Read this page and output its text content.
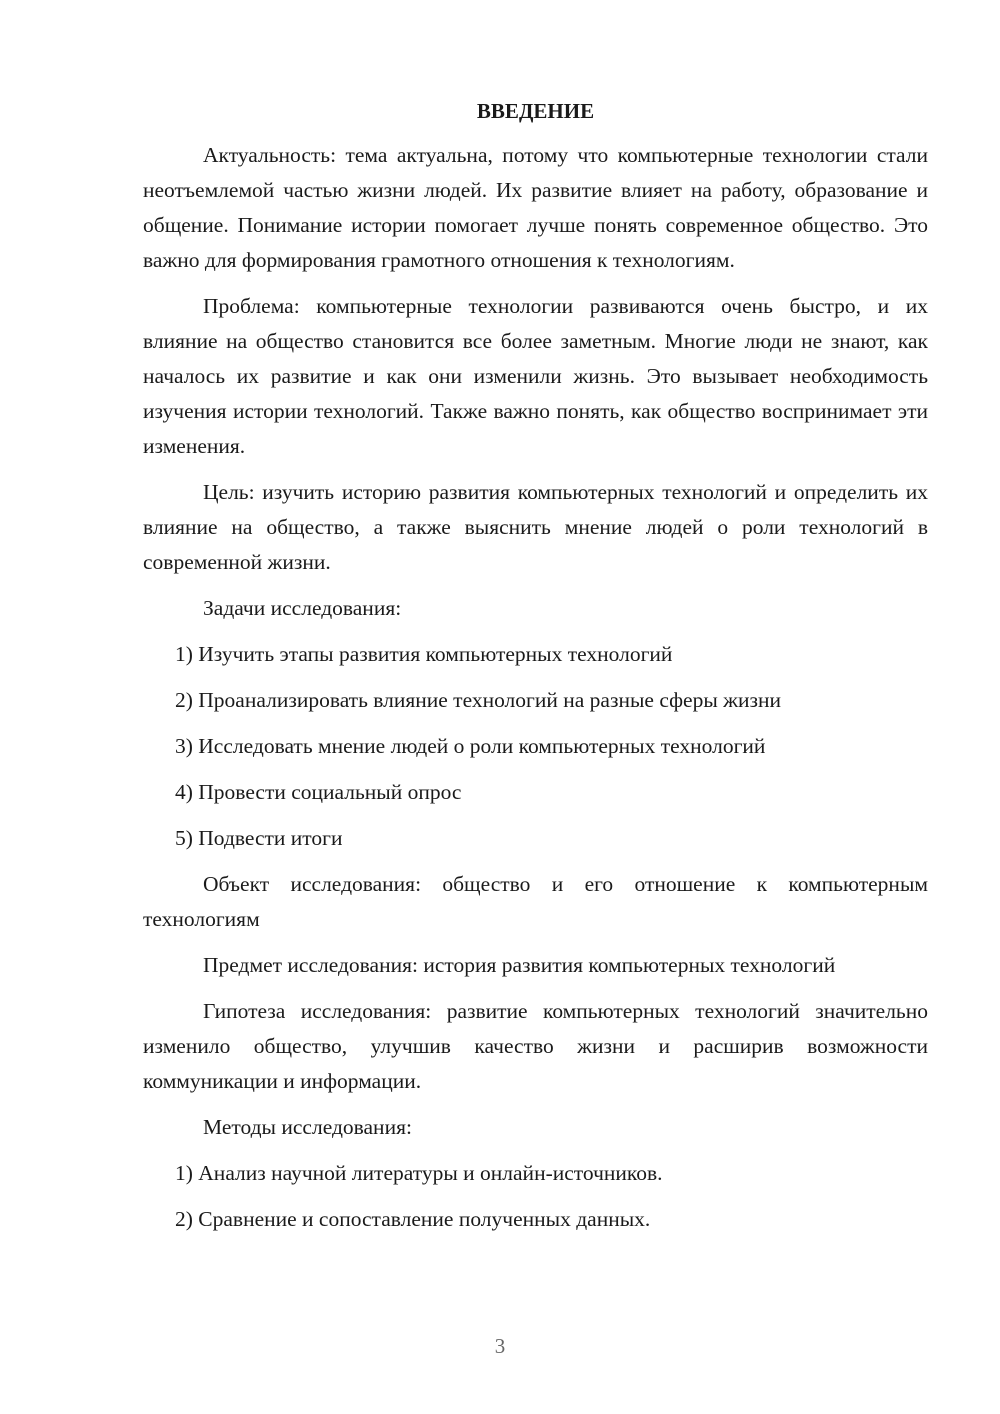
ВВЕДЕНИЕ

Актуальность: тема актуальна, потому что компьютерные технологии стали неотъемлемой частью жизни людей. Их развитие влияет на работу, образование и общение. Понимание истории помогает лучше понять современное общество. Это важно для формирования грамотного отношения к технологиям.

Проблема: компьютерные технологии развиваются очень быстро, и их влияние на общество становится все более заметным. Многие люди не знают, как началось их развитие и как они изменили жизнь. Это вызывает необходимость изучения истории технологий. Также важно понять, как общество воспринимает эти изменения.

Цель: изучить историю развития компьютерных технологий и определить их влияние на общество, а также выяснить мнение людей о роли технологий в современной жизни.

Задачи исследования:

1) Изучить этапы развития компьютерных технологий
2) Проанализировать влияние технологий на разные сферы жизни
3) Исследовать мнение людей о роли компьютерных технологий
4) Провести социальный опрос
5) Подвести итоги

Объект исследования: общество и его отношение к компьютерным технологиям

Предмет исследования: история развития компьютерных технологий

Гипотеза исследования: развитие компьютерных технологий значительно изменило общество, улучшив качество жизни и расширив возможности коммуникации и информации.

Методы исследования:

1) Анализ научной литературы и онлайн-источников.
2) Сравнение и сопоставление полученных данных.
3
